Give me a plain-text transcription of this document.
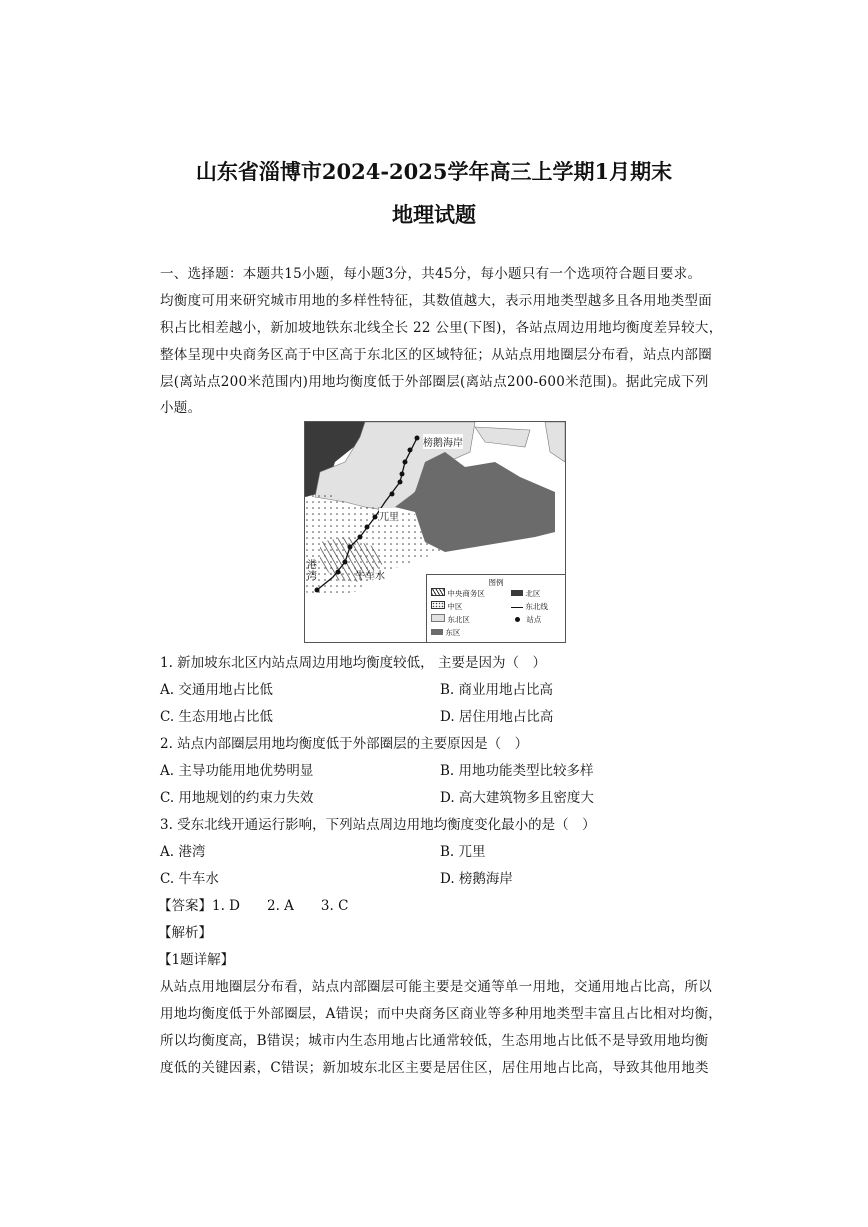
山东省淄博市2024-2025学年高三上学期1月期末
地理试题
一、选择题：本题共15小题，每小题3分，共45分，每小题只有一个选项符合题目要求。
均衡度可用来研究城市用地的多样性特征，其数值越大，表示用地类型越多且各用地类型面
积占比相差越小，新加坡地铁东北线全长 22 公里(下图)，各站点周边用地均衡度差异较大，
整体呈现中央商务区高于中区高于东北区的区域特征；从站点用地圈层分布看，站点内部圈
层(离站点200米范围内)用地均衡度低于外部圈层(离站点200-600米范围)。据此完成下列
小题。
榜鹅海岸
兀里
港湾	牛车水
图例
中央商务区	北区
中区	东北线
东北区	站点
东区
1. 新加坡东北区内站点周边用地均衡度较低， 主要是因为（　）
A. 交通用地占比低	B. 商业用地占比高
C. 生态用地占比低	D. 居住用地占比高
2. 站点内部圈层用地均衡度低于外部圈层的主要原因是（　）
A. 主导功能用地优势明显	B. 用地功能类型比较多样
C. 用地规划的约束力失效	D. 高大建筑物多且密度大
3. 受东北线开通运行影响，下列站点周边用地均衡度变化最小的是（　）
A. 港湾	B. 兀里
C. 牛车水	D. 榜鹅海岸
【答案】1. D　　2. A　　3. C
【解析】
【1题详解】
从站点用地圈层分布看，站点内部圈层可能主要是交通等单一用地，交通用地占比高，所以
用地均衡度低于外部圈层，A错误；而中央商务区商业等多种用地类型丰富且占比相对均衡，
所以均衡度高，B错误；城市内生态用地占比通常较低，生态用地占比低不是导致用地均衡
度低的关键因素，C错误；新加坡东北区主要是居住区，居住用地占比高，导致其他用地类
